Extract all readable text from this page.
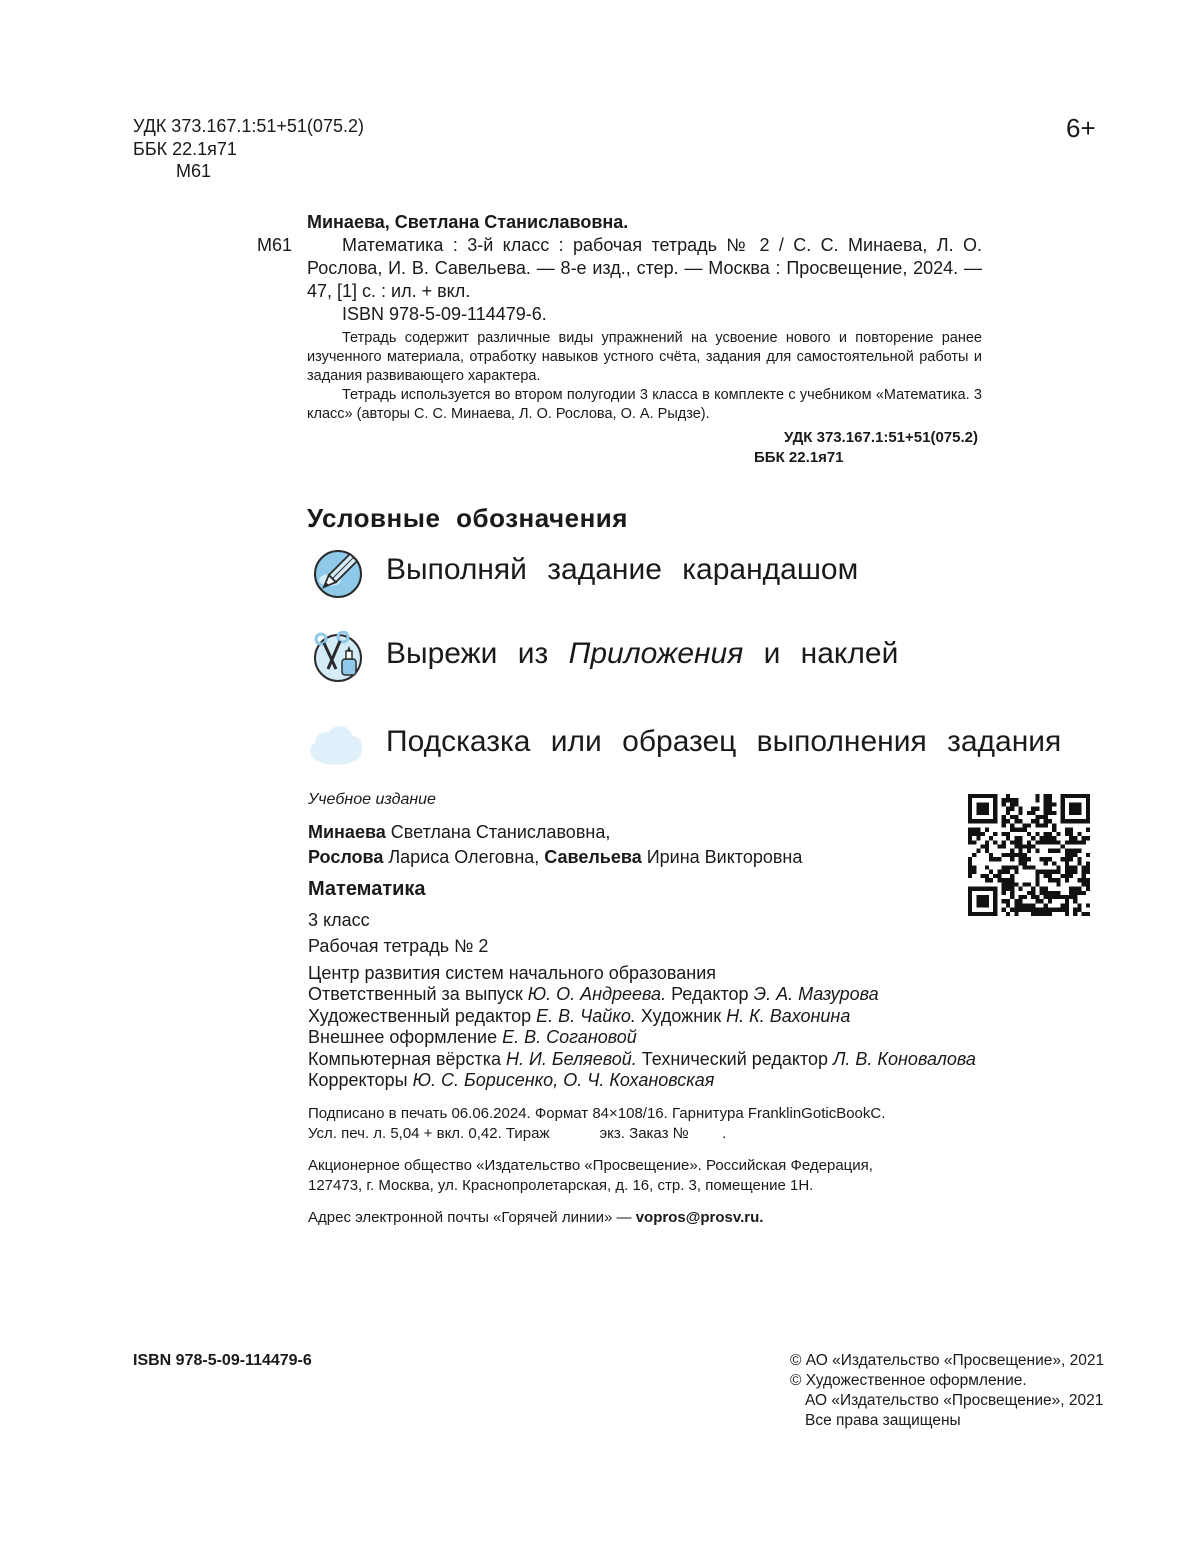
УДК 373.167.1:51+51(075.2)
ББК 22.1я71
М61
6+
Минаева, Светлана Станиславовна.
М61	Математика : 3-й класс : рабочая тетрадь № 2 / С. С. Минаева, Л. О. Рослова, И. В. Савельева. — 8-е изд., стер. — Москва : Просвещение, 2024. — 47, [1] с. : ил. + вкл.
ISBN 978-5-09-114479-6.
Тетрадь содержит различные виды упражнений на усвоение нового и повторение ранее изученного материала, отработку навыков устного счёта, задания для самостоятельной работы и задания развивающего характера.
Тетрадь используется во втором полугодии 3 класса в комплекте с учебником «Математика. 3 класс» (авторы С. С. Минаева, Л. О. Рослова, О. А. Рыдзе).
УДК 373.167.1:51+51(075.2)
ББК 22.1я71
Условные обозначения
Выполняй задание карандашом
Вырежи из Приложения и наклей
Подсказка или образец выполнения задания
Учебное издание
Минаева Светлана Станиславовна,
Рослова Лариса Олеговна, Савельева Ирина Викторовна
Математика
3 класс
Рабочая тетрадь № 2
Центр развития систем начального образования
Ответственный за выпуск Ю. О. Андреева. Редактор Э. А. Мазурова
Художественный редактор Е. В. Чайко. Художник Н. К. Вахонина
Внешнее оформление Е. В. Согановой
Компьютерная вёрстка Н. И. Беляевой. Технический редактор Л. В. Коновалова
Корректоры Ю. С. Борисенко, О. Ч. Кохановская
Подписано в печать 06.06.2024. Формат 84×108/16. Гарнитура FranklinGoticBookC.
Усл. печ. л. 5,04 + вкл. 0,42. Тираж            экз. Заказ №        .
Акционерное общество «Издательство «Просвещение». Российская Федерация,
127473, г. Москва, ул. Краснопролетарская, д. 16, стр. 3, помещение 1Н.
Адрес электронной почты «Горячей линии» — vopros@prosv.ru.
ISBN 978-5-09-114479-6	© АО «Издательство «Просвещение», 2021
© Художественное оформление.
АО «Издательство «Просвещение», 2021
Все права защищены
